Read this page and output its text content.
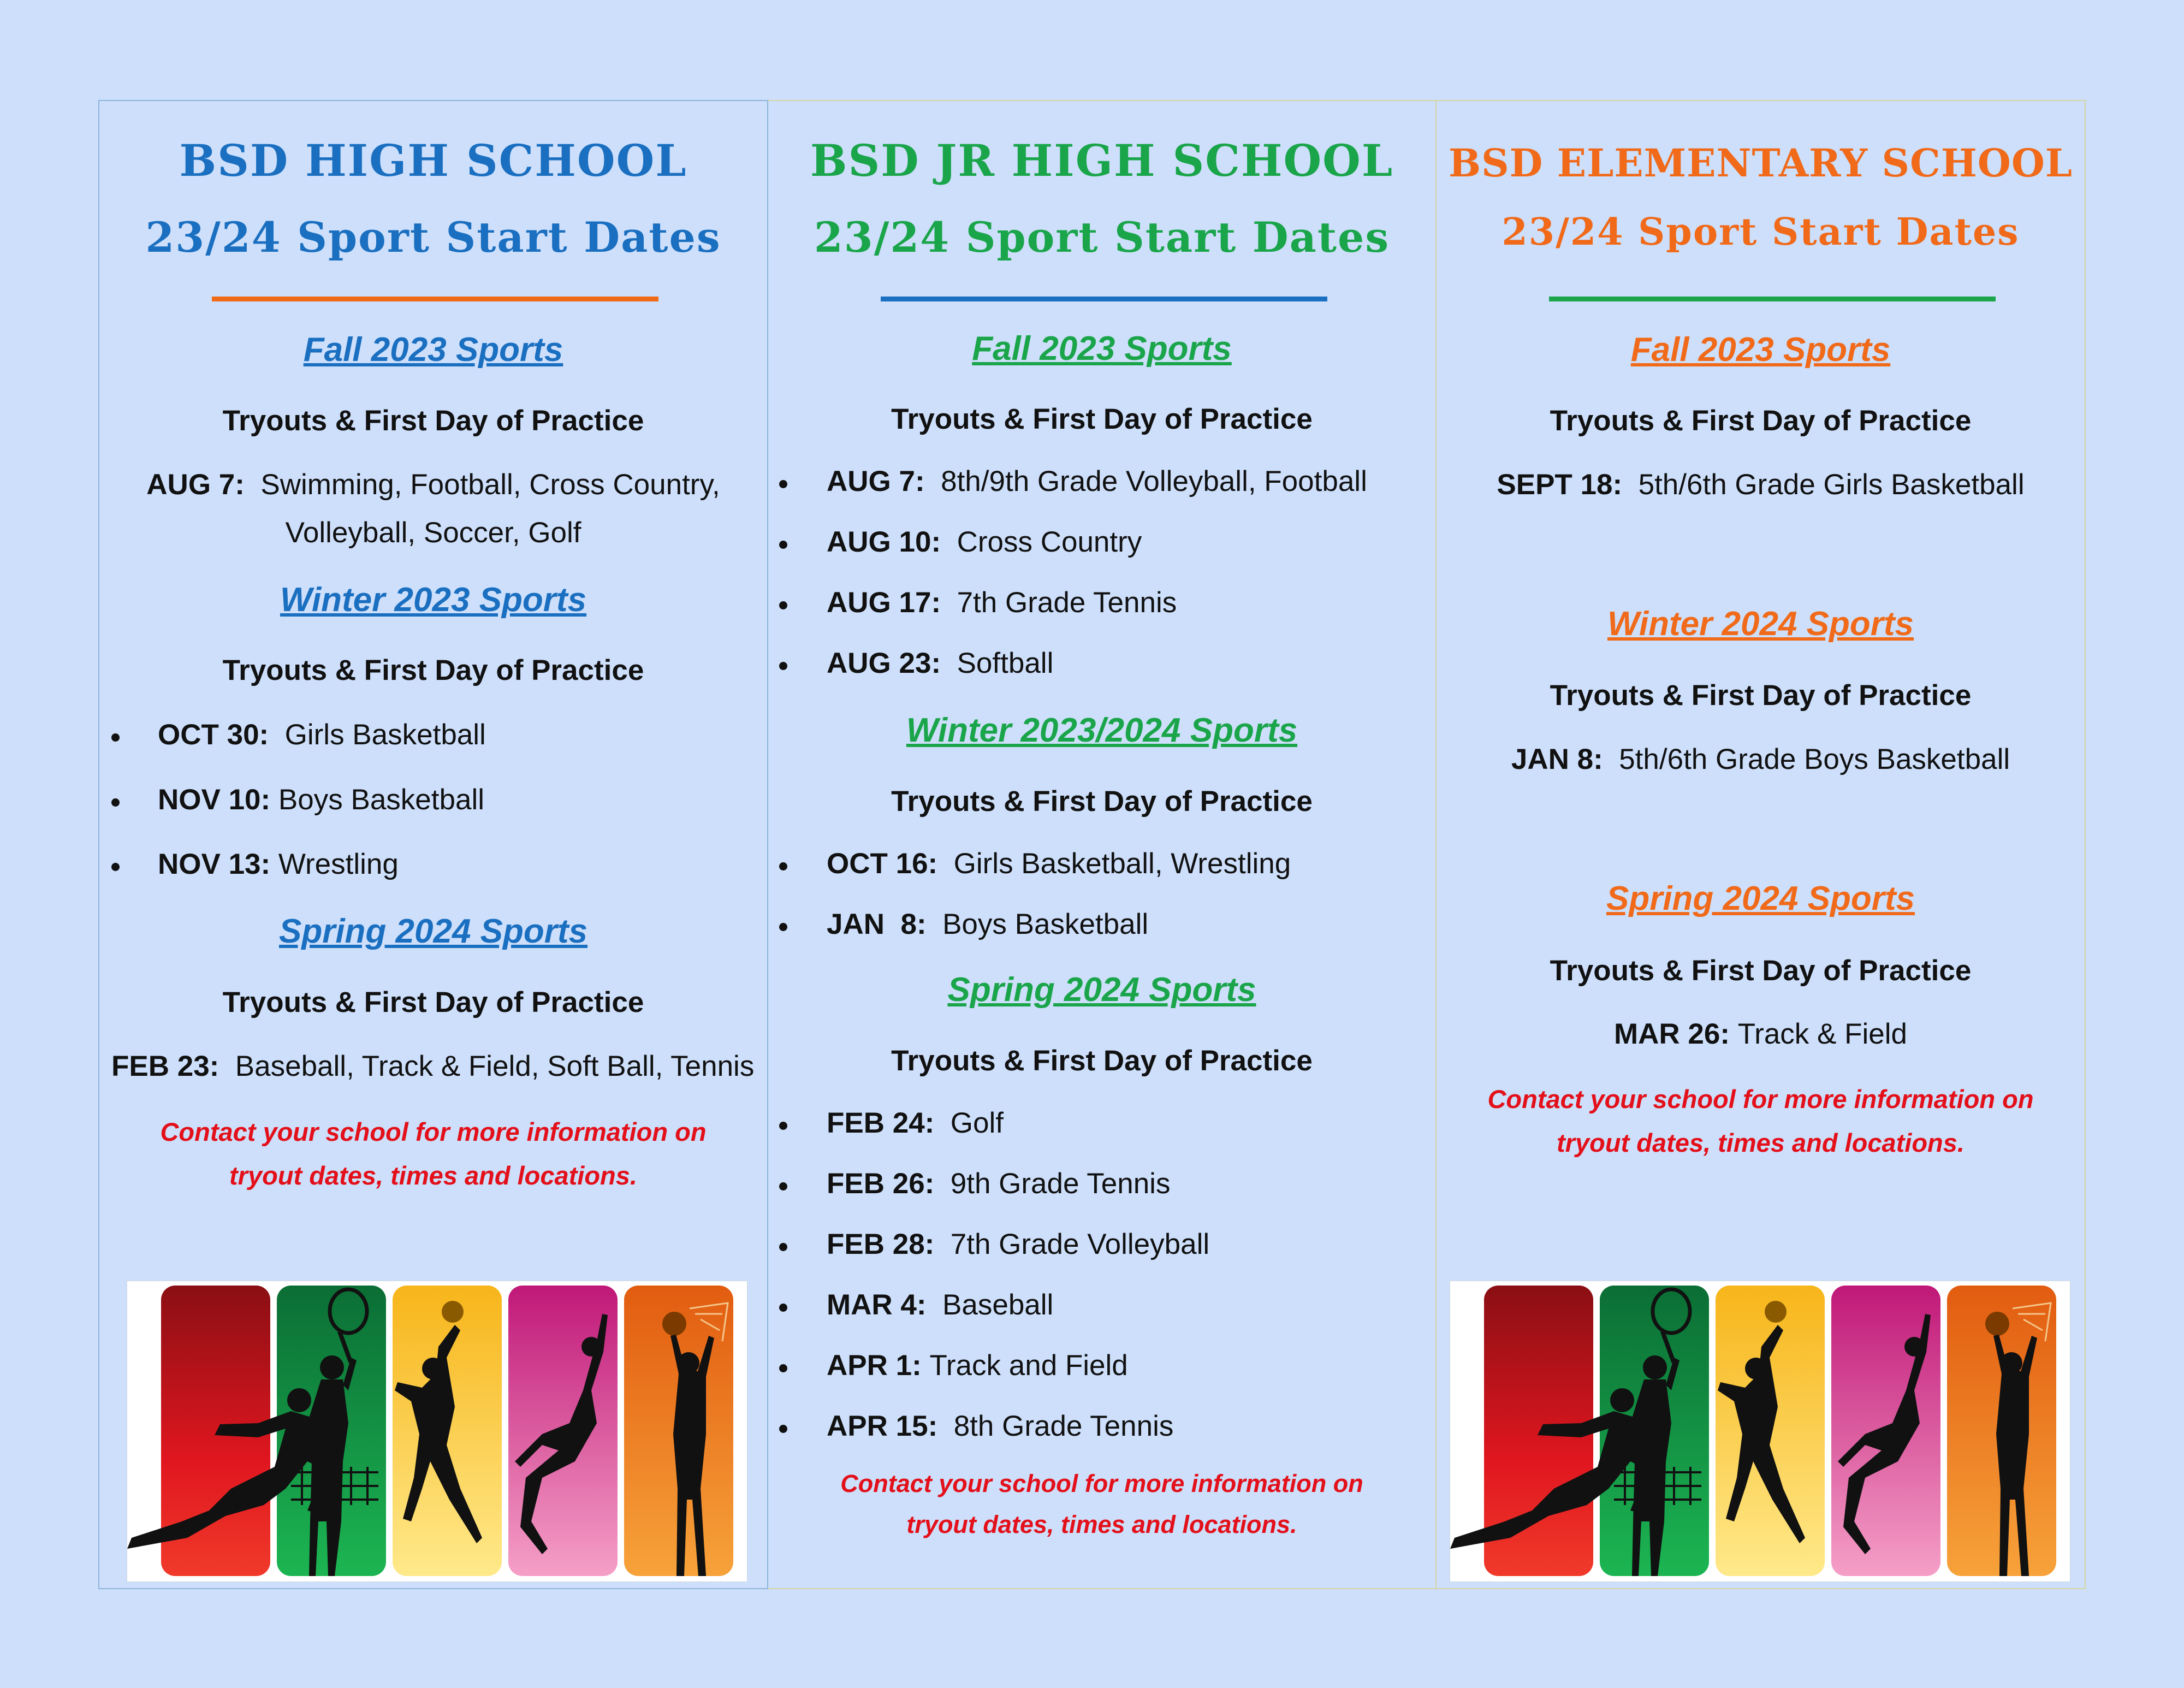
BSD HIGH SCHOOL
23/24 Sport Start Dates
Fall 2023 Sports
Tryouts & First Day of Practice
AUG 7: Swimming, Football, Cross Country,
Volleyball, Soccer, Golf
Winter 2023 Sports
Tryouts & First Day of Practice
OCT 30: Girls Basketball
NOV 10: Boys Basketball
NOV 13: Wrestling
Spring 2024 Sports
Tryouts & First Day of Practice
FEB 23: Baseball, Track & Field, Soft Ball, Tennis
Contact your school for more information on
tryout dates, times and locations.
BSD JR HIGH SCHOOL
23/24 Sport Start Dates
Fall 2023 Sports
Tryouts & First Day of Practice
AUG 7: 8th/9th Grade Volleyball, Football
AUG 10: Cross Country
AUG 17: 7th Grade Tennis
AUG 23: Softball
Winter 2023/2024 Sports
Tryouts & First Day of Practice
OCT 16: Girls Basketball, Wrestling
JAN  8: Boys Basketball
Spring 2024 Sports
Tryouts & First Day of Practice
FEB 24: Golf
FEB 26: 9th Grade Tennis
FEB 28: 7th Grade Volleyball
MAR 4: Baseball
APR 1: Track and Field
APR 15: 8th Grade Tennis
Contact your school for more information on
tryout dates, times and locations.
BSD ELEMENTARY SCHOOL
23/24 Sport Start Dates
Fall 2023 Sports
Tryouts & First Day of Practice
SEPT 18: 5th/6th Grade Girls Basketball
Winter 2024 Sports
Tryouts & First Day of Practice
JAN 8: 5th/6th Grade Boys Basketball
Spring 2024 Sports
Tryouts & First Day of Practice
MAR 26: Track & Field
Contact your school for more information on
tryout dates, times and locations.
